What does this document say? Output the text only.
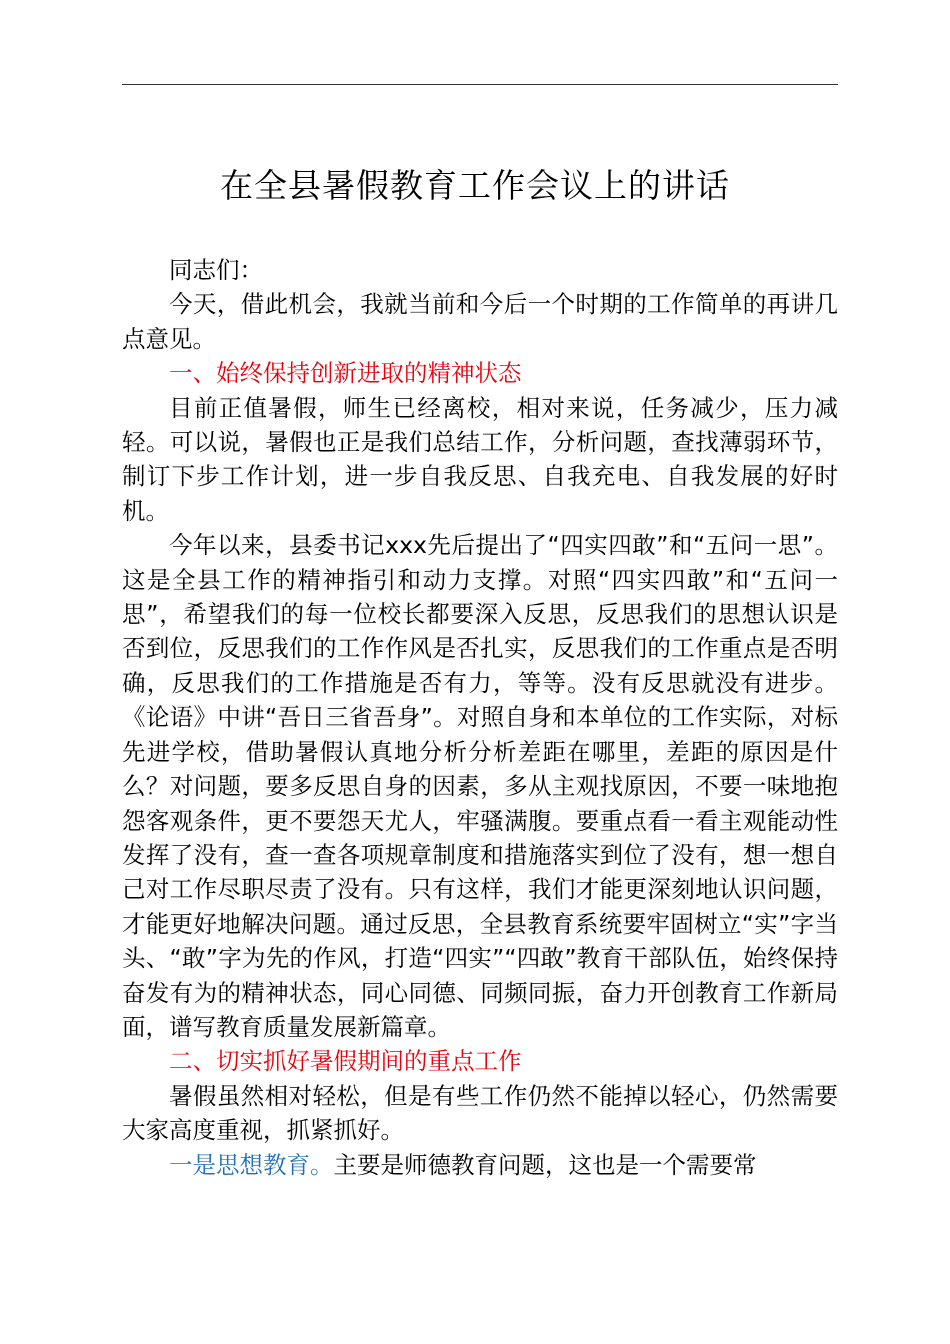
在全县暑假教育工作会议上的讲话

同志们：

今天，借此机会，我就当前和今后一个时期的工作简单的再讲几点意见。

一、始终保持创新进取的精神状态

目前正值暑假，师生已经离校，相对来说，任务减少，压力减轻。可以说，暑假也正是我们总结工作，分析问题，查找薄弱环节，制订下步工作计划，进一步自我反思、自我充电、自我发展的好时机。

今年以来，县委书记xxx先后提出了“四实四敢”和“五问一思”。这是全县工作的精神指引和动力支撑。对照“四实四敢”和“五问一思”，希望我们的每一位校长都要深入反思，反思我们的思想认识是否到位，反思我们的工作作风是否扎实，反思我们的工作重点是否明确，反思我们的工作措施是否有力，等等。没有反思就没有进步。《论语》中讲“吾日三省吾身”。对照自身和本单位的工作实际，对标先进学校，借助暑假认真地分析分析差距在哪里，差距的原因是什么？对问题，要多反思自身的因素，多从主观找原因，不要一味地抱怨客观条件，更不要怨天尤人，牢骚满腹。要重点看一看主观能动性发挥了没有，查一查各项规章制度和措施落实到位了没有，想一想自己对工作尽职尽责了没有。只有这样，我们才能更深刻地认识问题，才能更好地解决问题。通过反思，全县教育系统要牢固树立“实”字当头、“敢”字为先的作风，打造“四实”“四敢”教育干部队伍，始终保持奋发有为的精神状态，同心同德、同频同振，奋力开创教育工作新局面，谱写教育质量发展新篇章。

二、切实抓好暑假期间的重点工作

暑假虽然相对轻松，但是有些工作仍然不能掉以轻心，仍然需要大家高度重视，抓紧抓好。

一是思想教育。主要是师德教育问题，这也是一个需要常
